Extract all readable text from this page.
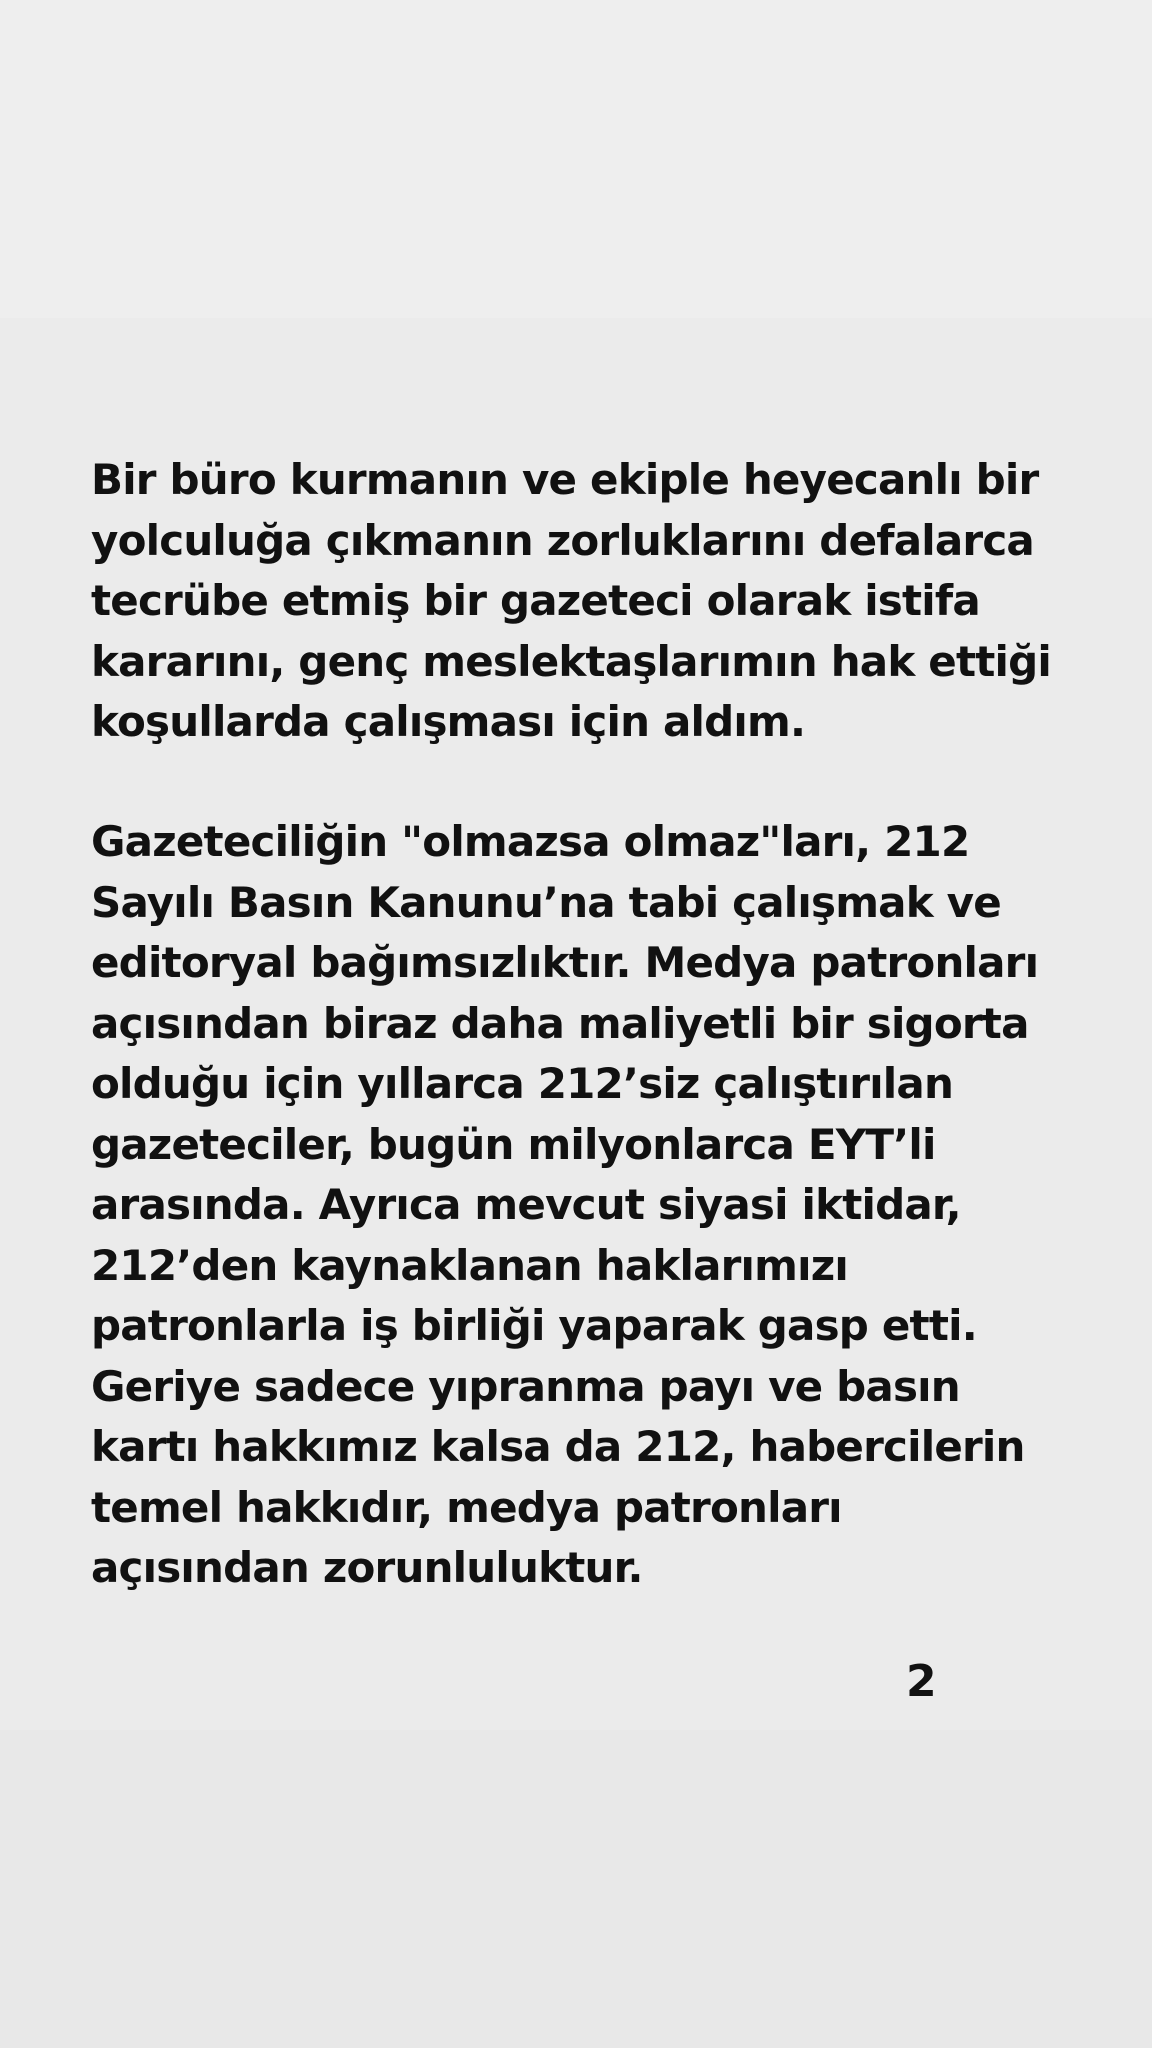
Bir büro kurmanın ve ekiple heyecanlı bir
yolculuğa çıkmanın zorluklarını defalarca
tecrübe etmiş bir gazeteci olarak istifa
kararını, genç meslektaşlarımın hak ettiği
koşullarda çalışması için aldım.
Gazeteciliğin "olmazsa olmaz"ları, 212
Sayılı Basın Kanunu’na tabi çalışmak ve
editoryal bağımsızlıktır. Medya patronları
açısından biraz daha maliyetli bir sigorta
olduğu için yıllarca 212’siz çalıştırılan
gazeteciler, bugün milyonlarca EYT’li
arasında. Ayrıca mevcut siyasi iktidar,
212’den kaynaklanan haklarımızı
patronlarla iş birliği yaparak gasp etti.
Geriye sadece yıpranma payı ve basın
kartı hakkımız kalsa da 212, habercilerin
temel hakkıdır, medya patronları
açısından zorunluluktur.
2
